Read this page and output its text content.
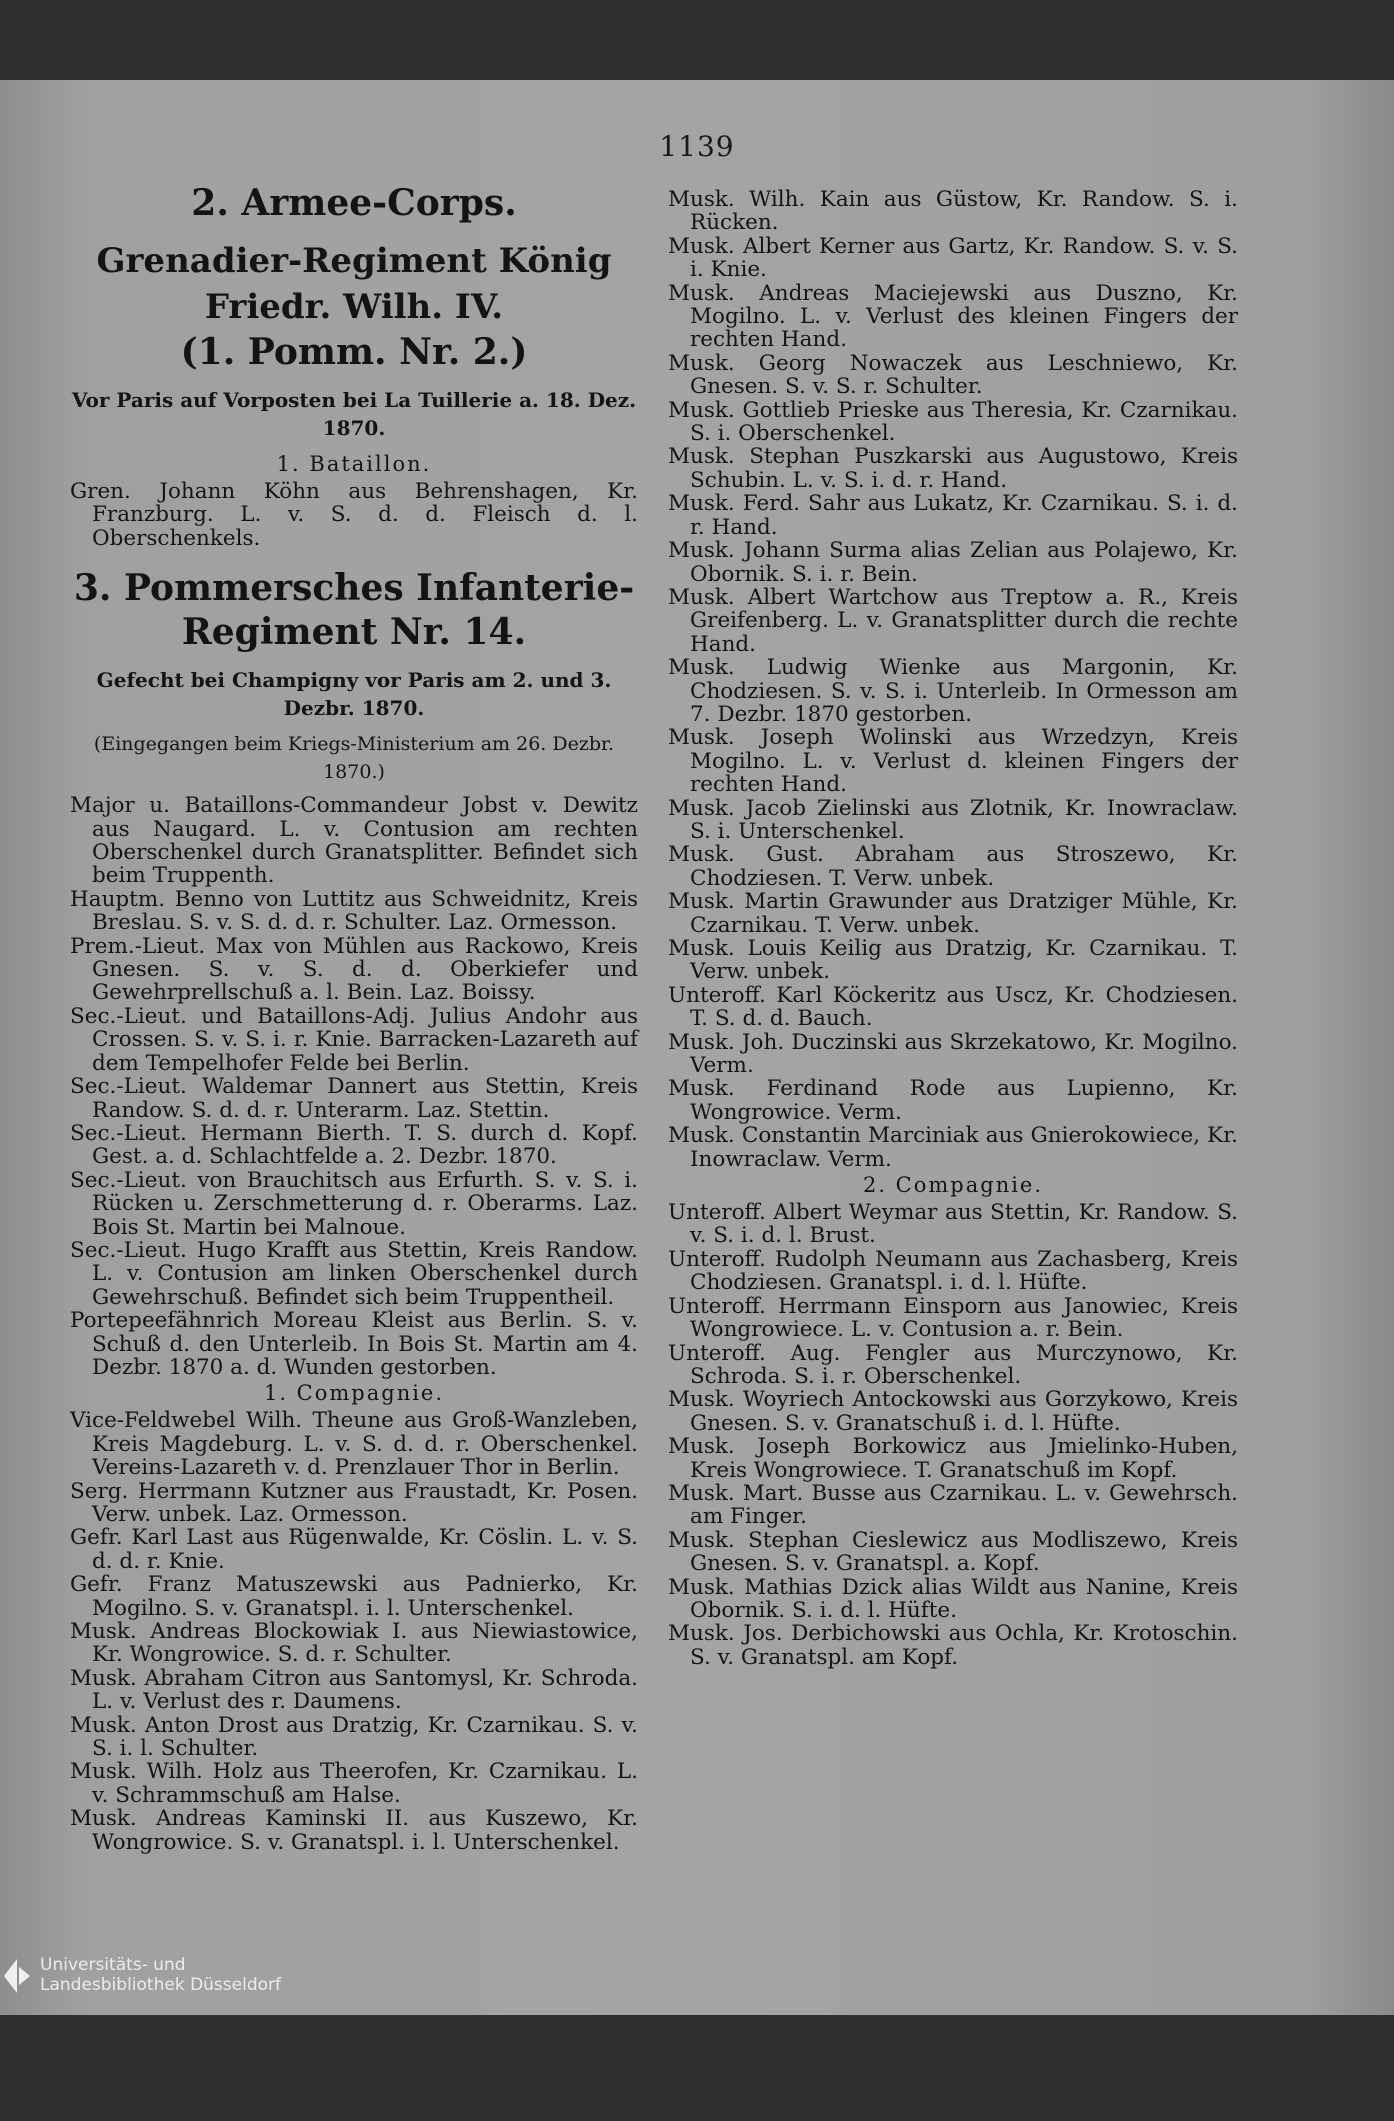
1139
2. Armee-Corps.
Grenadier-Regiment König Friedr. Wilh. IV.
(1. Pomm. Nr. 2.)
Vor Paris auf Vorposten bei La Tuillerie a. 18. Dez. 1870.
1. Bataillon.

Gren. Johann Köhn aus Behrenshagen, Kr. Franzburg. L. v. S. d. d. Fleisch d. l. Oberschenkels.

3. Pommersches Infanterie-Regiment Nr. 14.
Gefecht bei Champigny vor Paris am 2. und 3. Dezbr. 1870.
(Eingegangen beim Kriegs-Ministerium am 26. Dezbr. 1870.)

Major u. Bataillons-Commandeur Jobst v. Dewitz aus Naugard. L. v. Contusion am rechten Oberschenkel durch Granatsplitter. Befindet sich beim Truppenth.

Hauptm. Benno von Luttitz aus Schweidnitz, Kreis Breslau. S. v. S. d. d. r. Schulter. Laz. Ormesson.

Prem.-Lieut. Max von Mühlen aus Rackowo, Kreis Gnesen. S. v. S. d. d. Oberkiefer und Gewehrprellschuß a. l. Bein. Laz. Boissy.

Sec.-Lieut. und Bataillons-Adj. Julius Andohr aus Crossen. S. v. S. i. r. Knie. Barracken-Lazareth auf dem Tempelhofer Felde bei Berlin.

Sec.-Lieut. Waldemar Dannert aus Stettin, Kreis Randow. S. d. d. r. Unterarm. Laz. Stettin.

Sec.-Lieut. Hermann Bierth. T. S. durch d. Kopf. Gest. a. d. Schlachtfelde a. 2. Dezbr. 1870.

Sec.-Lieut. von Brauchitsch aus Erfurth. S. v. S. i. Rücken u. Zerschmetterung d. r. Oberarms. Laz. Bois St. Martin bei Malnoue.

Sec.-Lieut. Hugo Krafft aus Stettin, Kreis Randow. L. v. Contusion am linken Oberschenkel durch Gewehrschuß. Befindet sich beim Truppentheil.

Portepeefähnrich Moreau Kleist aus Berlin. S. v. Schuß d. den Unterleib. In Bois St. Martin am 4. Dezbr. 1870 a. d. Wunden gestorben.

1. Compagnie.

Vice-Feldwebel Wilh. Theune aus Groß-Wanzleben, Kreis Magdeburg. L. v. S. d. d. r. Oberschenkel. Vereins-Lazareth v. d. Prenzlauer Thor in Berlin.

Serg. Herrmann Kutzner aus Fraustadt, Kr. Posen. Verw. unbek. Laz. Ormesson.

Gefr. Karl Last aus Rügenwalde, Kr. Cöslin. L. v. S. d. d. r. Knie.

Gefr. Franz Matuszewski aus Padnierko, Kr. Mogilno. S. v. Granatspl. i. l. Unterschenkel.

Musk. Andreas Blockowiak I. aus Niewiastowice, Kr. Wongrowice. S. d. r. Schulter.

Musk. Abraham Citron aus Santomysl, Kr. Schroda. L. v. Verlust des r. Daumens.

Musk. Anton Drost aus Dratzig, Kr. Czarnikau. S. v. S. i. l. Schulter.

Musk. Wilh. Holz aus Theerofen, Kr. Czarnikau. L. v. Schrammschuß am Halse.

Musk. Andreas Kaminski II. aus Kuszewo, Kr. Wongrowice. S. v. Granatspl. i. l. Unterschenkel.

Musk. Wilh. Kain aus Güstow, Kr. Randow. S. i. Rücken.

Musk. Albert Kerner aus Gartz, Kr. Randow. S. v. S. i. Knie.

Musk. Andreas Maciejewski aus Duszno, Kr. Mogilno. L. v. Verlust des kleinen Fingers der rechten Hand.

Musk. Georg Nowaczek aus Leschniewo, Kr. Gnesen. S. v. S. r. Schulter.

Musk. Gottlieb Prieske aus Theresia, Kr. Czarnikau. S. i. Oberschenkel.

Musk. Stephan Puszkarski aus Augustowo, Kreis Schubin. L. v. S. i. d. r. Hand.

Musk. Ferd. Sahr aus Lukatz, Kr. Czarnikau. S. i. d. r. Hand.

Musk. Johann Surma alias Zelian aus Polajewo, Kr. Obornik. S. i. r. Bein.

Musk. Albert Wartchow aus Treptow a. R., Kreis Greifenberg. L. v. Granatsplitter durch die rechte Hand.

Musk. Ludwig Wienke aus Margonin, Kr. Chodziesen. S. v. S. i. Unterleib. In Ormesson am 7. Dezbr. 1870 gestorben.

Musk. Joseph Wolinski aus Wrzedzyn, Kreis Mogilno. L. v. Verlust d. kleinen Fingers der rechten Hand.

Musk. Jacob Zielinski aus Zlotnik, Kr. Inowraclaw. S. i. Unterschenkel.

Musk. Gust. Abraham aus Stroszewo, Kr. Chodziesen. T. Verw. unbek.

Musk. Martin Grawunder aus Dratziger Mühle, Kr. Czarnikau. T. Verw. unbek.

Musk. Louis Keilig aus Dratzig, Kr. Czarnikau. T. Verw. unbek.

Unteroff. Karl Köckeritz aus Uscz, Kr. Chodziesen. T. S. d. d. Bauch.

Musk. Joh. Duczinski aus Skrzekatowo, Kr. Mogilno. Verm.

Musk. Ferdinand Rode aus Lupienno, Kr. Wongrowice. Verm.

Musk. Constantin Marciniak aus Gnierokowiece, Kr. Inowraclaw. Verm.

2. Compagnie.

Unteroff. Albert Weymar aus Stettin, Kr. Randow. S. v. S. i. d. l. Brust.

Unteroff. Rudolph Neumann aus Zachasberg, Kreis Chodziesen. Granatspl. i. d. l. Hüfte.

Unteroff. Herrmann Einsporn aus Janowiec, Kreis Wongrowiece. L. v. Contusion a. r. Bein.

Unteroff. Aug. Fengler aus Murczynowo, Kr. Schroda. S. i. r. Oberschenkel.

Musk. Woyriech Antockowski aus Gorzykowo, Kreis Gnesen. S. v. Granatschuß i. d. l. Hüfte.

Musk. Joseph Borkowicz aus Jmielinko-Huben, Kreis Wongrowiece. T. Granatschuß im Kopf.

Musk. Mart. Busse aus Czarnikau. L. v. Gewehrsch. am Finger.

Musk. Stephan Cieslewicz aus Modliszewo, Kreis Gnesen. S. v. Granatspl. a. Kopf.

Musk. Mathias Dzick alias Wildt aus Nanine, Kreis Obornik. S. i. d. l. Hüfte.

Musk. Jos. Derbichowski aus Ochla, Kr. Krotoschin. S. v. Granatspl. am Kopf.

Universitäts- und
Landesbibliothek Düsseldorf
